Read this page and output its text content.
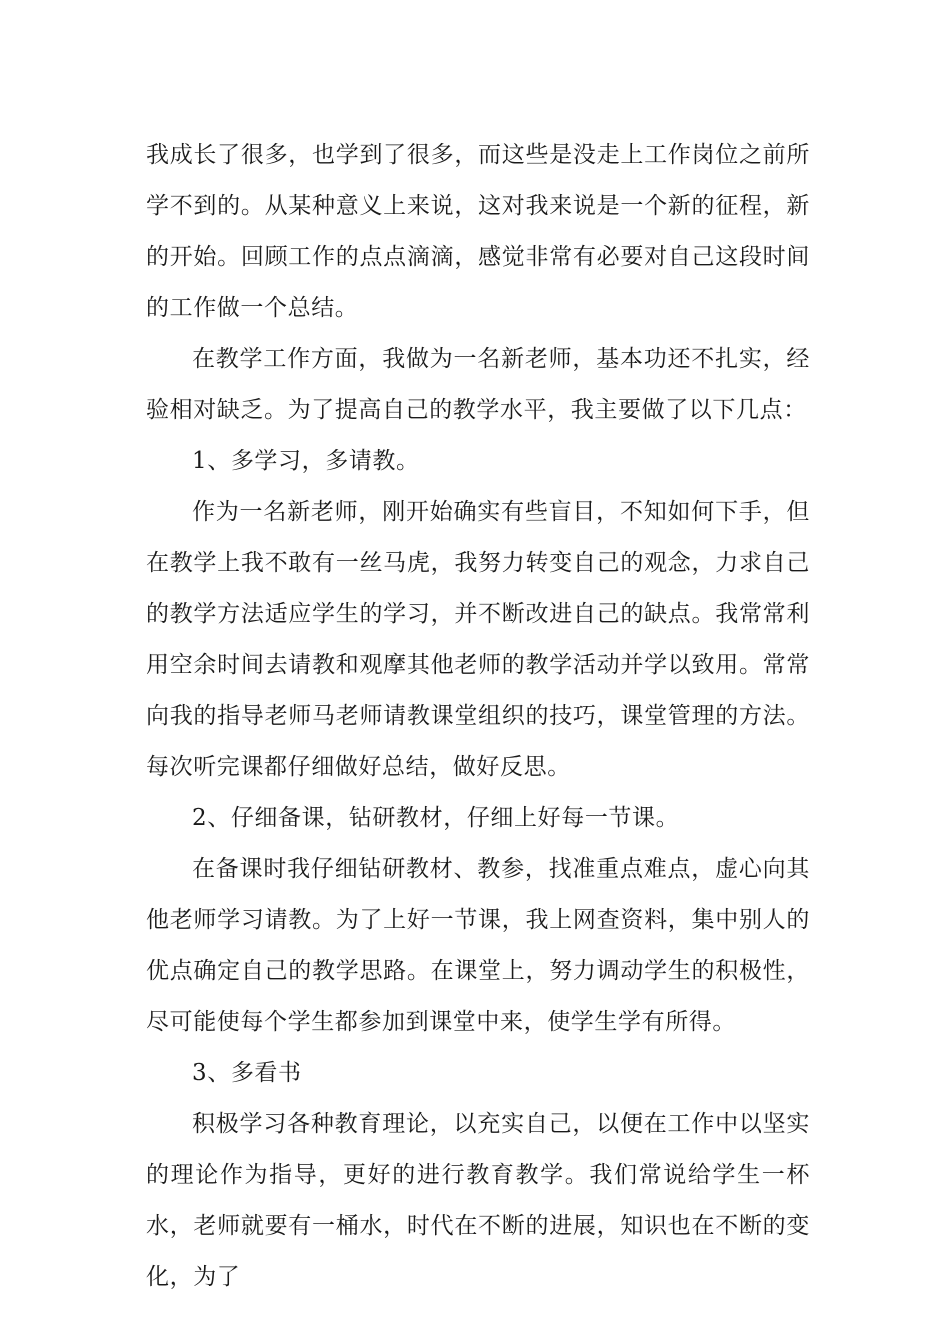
我成长了很多，也学到了很多，而这些是没走上工作岗位之前所学不到的。从某种意义上来说，这对我来说是一个新的征程，新的开始。回顾工作的点点滴滴，感觉非常有必要对自己这段时间的工作做一个总结。

在教学工作方面，我做为一名新老师，基本功还不扎实，经验相对缺乏。为了提高自己的教学水平，我主要做了以下几点：

1、多学习，多请教。

作为一名新老师，刚开始确实有些盲目，不知如何下手，但在教学上我不敢有一丝马虎，我努力转变自己的观念，力求自己的教学方法适应学生的学习，并不断改进自己的缺点。我常常利用空余时间去请教和观摩其他老师的教学活动并学以致用。常常向我的指导老师马老师请教课堂组织的技巧，课堂管理的方法。每次听完课都仔细做好总结，做好反思。

2、仔细备课，钻研教材，仔细上好每一节课。

在备课时我仔细钻研教材、教参，找准重点难点，虚心向其他老师学习请教。为了上好一节课，我上网查资料，集中别人的优点确定自己的教学思路。在课堂上，努力调动学生的积极性，尽可能使每个学生都参加到课堂中来，使学生学有所得。

3、多看书

积极学习各种教育理论，以充实自己，以便在工作中以坚实的理论作为指导，更好的进行教育教学。我们常说给学生一杯水，老师就要有一桶水，时代在不断的进展，知识也在不断的变化，为了
